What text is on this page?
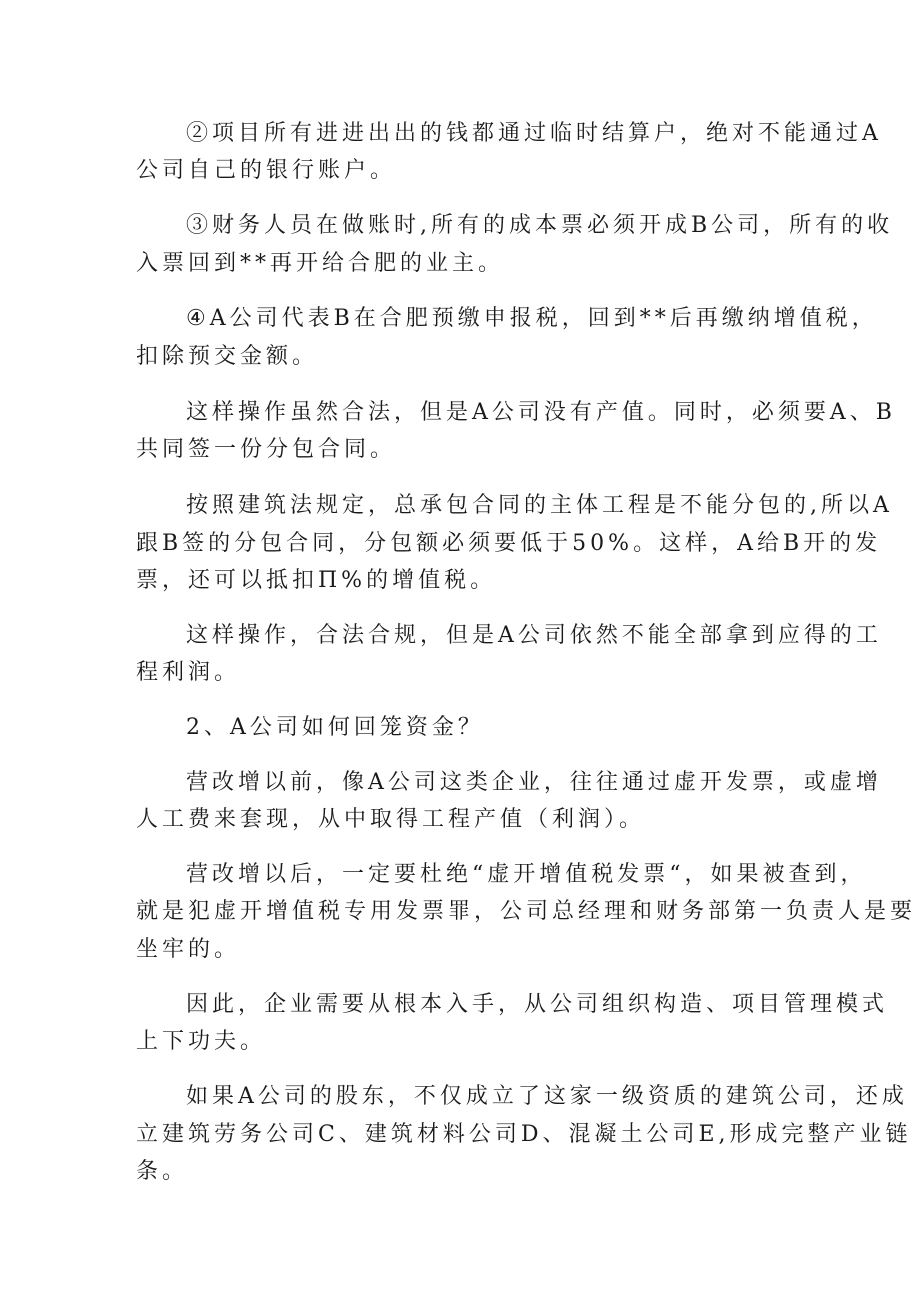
②项目所有进进出出的钱都通过临时结算户，绝对不能通过A
公司自己的银行账户。
③财务人员在做账时,所有的成本票必须开成B公司，所有的收
入票回到**再开给合肥的业主。
④A公司代表B在合肥预缴申报税，回到**后再缴纳增值税，
扣除预交金额。
这样操作虽然合法，但是A公司没有产值。同时，必须要A、B
共同签一份分包合同。
按照建筑法规定，总承包合同的主体工程是不能分包的,所以A
跟B签的分包合同，分包额必须要低于50%。这样，A给B开的发
票，还可以抵扣Π%的增值税。
这样操作，合法合规，但是A公司依然不能全部拿到应得的工
程利润。
2、A公司如何回笼资金？
营改增以前，像A公司这类企业，往往通过虚开发票，或虚增
人工费来套现，从中取得工程产值（利润）。
营改增以后，一定要杜绝“虚开增值税发票“，如果被查到，
就是犯虚开增值税专用发票罪，公司总经理和财务部第一负责人是要
坐牢的。
因此，企业需要从根本入手，从公司组织构造、项目管理模式
上下功夫。
如果A公司的股东，不仅成立了这家一级资质的建筑公司，还成
立建筑劳务公司C、建筑材料公司D、混凝土公司E,形成完整产业链
条。
